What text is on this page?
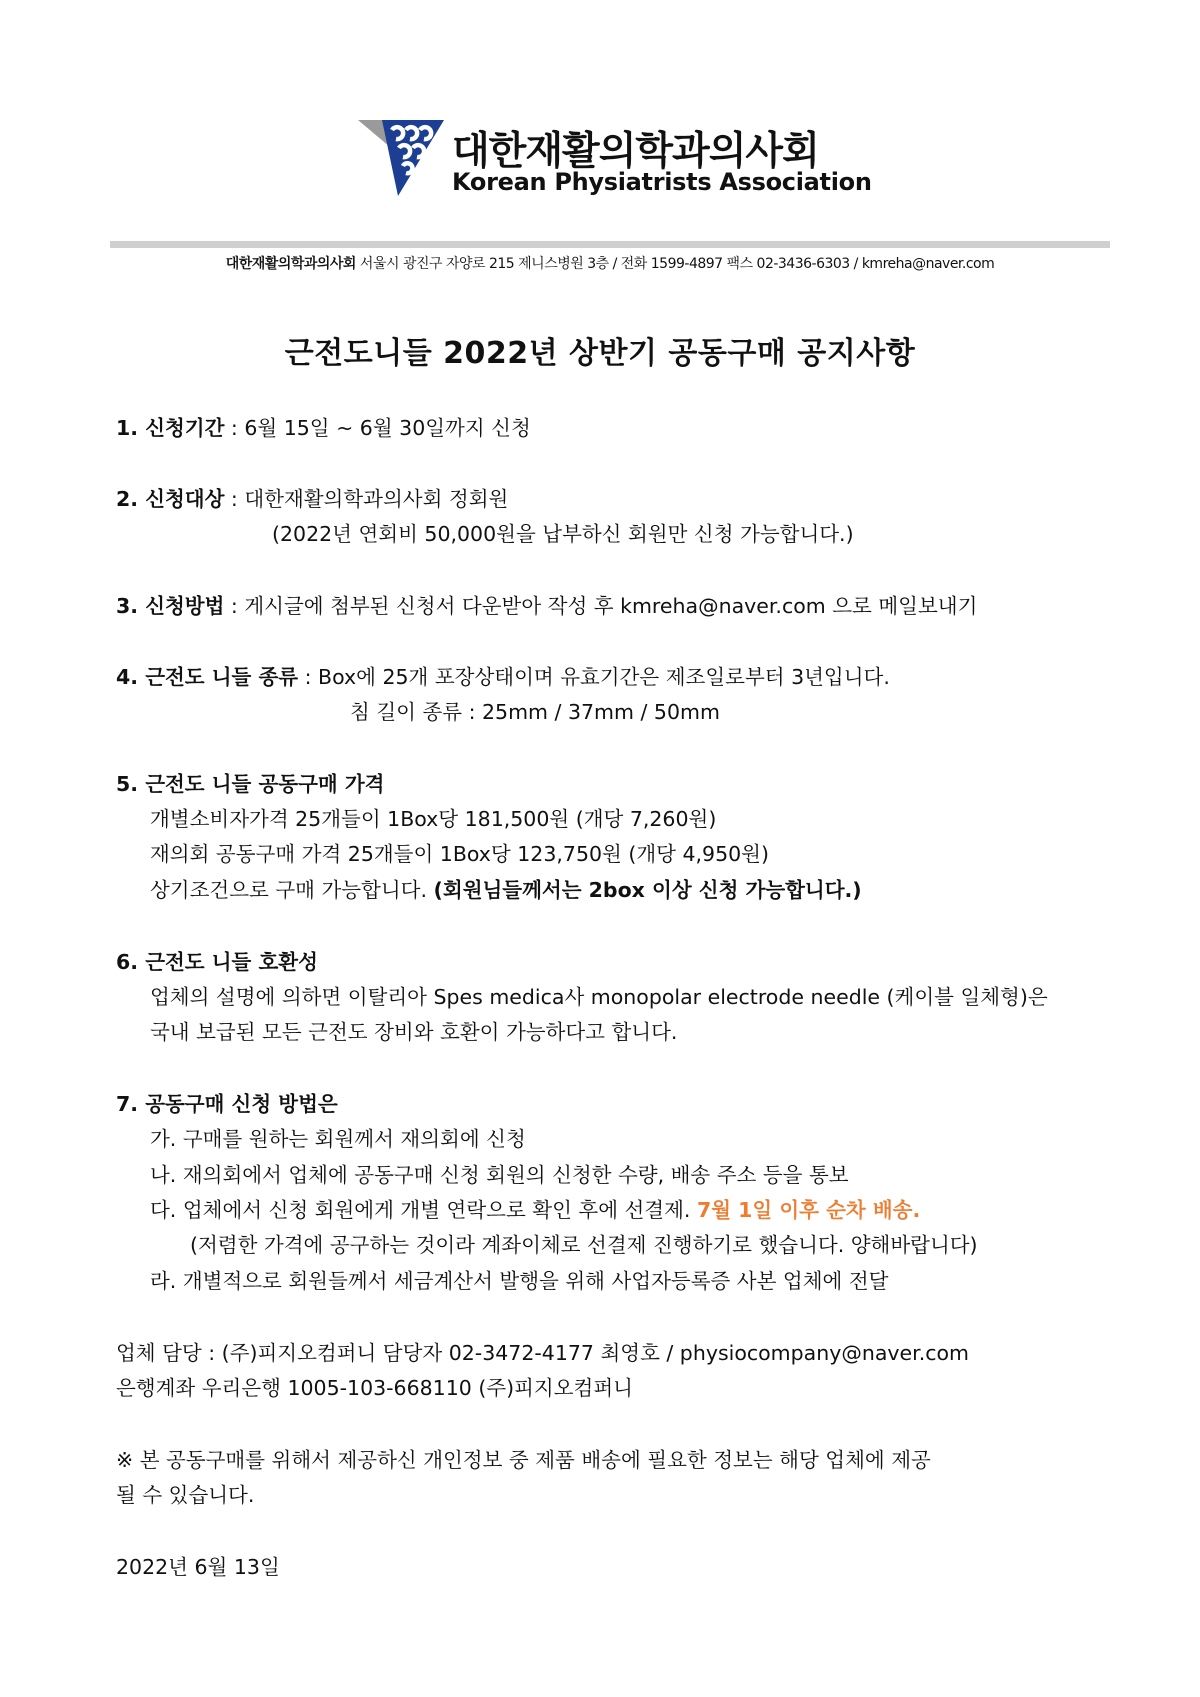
대한재활의학과의사회
Korean Physiatrists Association
대한재활의학과의사회 서울시 광진구 자양로 215 제니스병원 3층 / 전화 1599-4897 팩스 02-3436-6303 / kmreha@naver.com
근전도니들 2022년 상반기 공동구매 공지사항
1. 신청기간 : 6월 15일 ~ 6월 30일까지 신청
2. 신청대상 : 대한재활의학과의사회 정회원
(2022년 연회비 50,000원을 납부하신 회원만 신청 가능합니다.)
3. 신청방법 : 게시글에 첨부된 신청서 다운받아 작성 후 kmreha@naver.com 으로 메일보내기
4. 근전도 니들 종류 : Box에 25개 포장상태이며 유효기간은 제조일로부터 3년입니다.
침 길이 종류 : 25mm / 37mm / 50mm
5. 근전도 니들 공동구매 가격
개별소비자가격 25개들이 1Box당 181,500원 (개당 7,260원)
재의회 공동구매 가격 25개들이 1Box당 123,750원 (개당 4,950원)
상기조건으로 구매 가능합니다. (회원님들께서는 2box 이상 신청 가능합니다.)
6. 근전도 니들 호환성
업체의 설명에 의하면 이탈리아 Spes medica사 monopolar electrode needle (케이블 일체형)은
국내 보급된 모든 근전도 장비와 호환이 가능하다고 합니다.
7. 공동구매 신청 방법은
가. 구매를 원하는 회원께서 재의회에 신청
나. 재의회에서 업체에 공동구매 신청 회원의 신청한 수량, 배송 주소 등을 통보
다. 업체에서 신청 회원에게 개별 연락으로 확인 후에 선결제. 7월 1일 이후 순차 배송.
(저렴한 가격에 공구하는 것이라 계좌이체로 선결제 진행하기로 했습니다. 양해바랍니다)
라. 개별적으로 회원들께서 세금계산서 발행을 위해 사업자등록증 사본 업체에 전달
업체 담당 : (주)피지오컴퍼니 담당자 02-3472-4177 최영호 / physiocompany@naver.com
은행계좌 우리은행 1005-103-668110 (주)피지오컴퍼니
※ 본 공동구매를 위해서 제공하신 개인정보 중 제품 배송에 필요한 정보는 해당 업체에 제공
될 수 있습니다.
2022년 6월 13일
